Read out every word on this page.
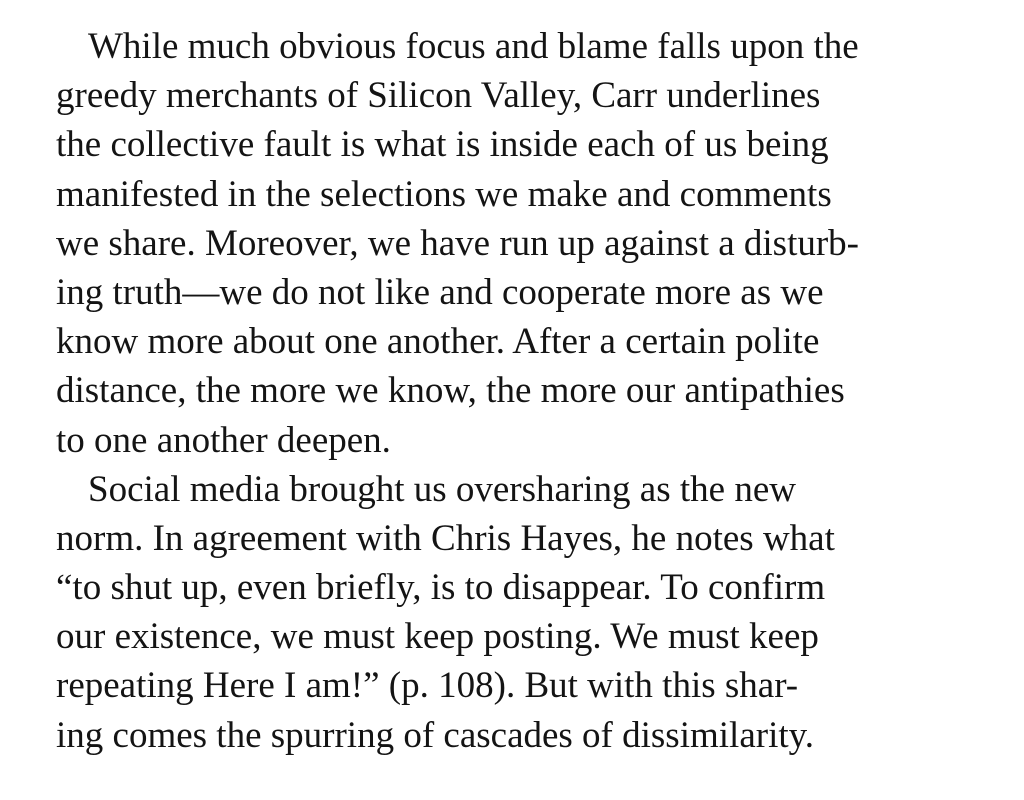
While much obvious focus and blame falls upon the
greedy merchants of Silicon Valley, Carr underlines
the collective fault is what is inside each of us being
manifested in the selections we make and comments
we share. Moreover, we have run up against a disturb-
ing truth—we do not like and cooperate more as we
know more about one another. After a certain polite
distance, the more we know, the more our antipathies
to one another deepen.
Social media brought us oversharing as the new
norm. In agreement with Chris Hayes, he notes what
“to shut up, even briefly, is to disappear. To confirm
our existence, we must keep posting. We must keep
repeating Here I am!” (p. 108). But with this shar-
ing comes the spurring of cascades of dissimilarity.
